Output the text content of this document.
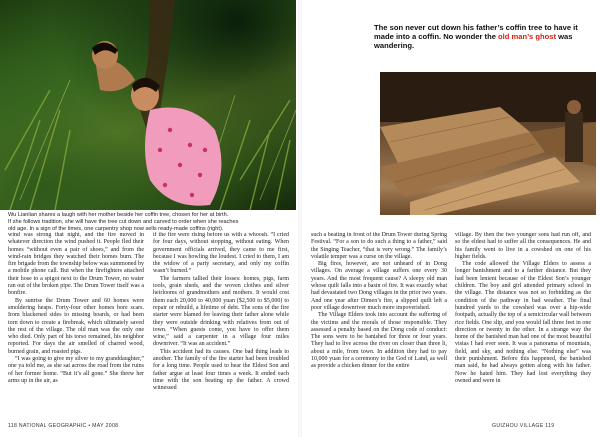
Wu Lianlian shares a laugh with her mother beside her coffin tree, chosen for her at birth.

If she follows tradition, she will have the tree cut down and carved to order when she reaches

old age. In a sign of the times, one carpentry shop now sells ready-made coffins (right).

The son never cut down his father’s coffin tree to have it made into a coffin. No wonder the old man’s ghost was wandering.

wind was strong that night, and the fire moved in whatever direction the wind pushed it. People fled their homes “without even a pair of shoes,” and from the wind-rain bridges they watched their homes burn. The fire brigade from the township below was summoned by a mobile phone call. But when the firefighters attached their hose to a spigot next to the Drum Tower, no water ran out of the broken pipe. The Drum Tower itself was a bonfire.

By sunrise the Drum Tower and 60 homes were smoldering heaps. Forty-four other homes bore scars. Irom blackened sides to missing boards, or had been torn down to create a firebreak, which ultimately saved the rest of the village. The old man was the only one who died. Only part of his torso remained, his neighbor reported. For days the air smelled of charred wood, burned grain, and roasted pigs.

“I was going to give my silver to my granddaughter,” one ya told me, as she sat across the road from the ruins of her former home. “But it’s all gone.” She threw her arms up in the air, as

if the fire were rising before us with a whoosh. “I cried for four days, without stopping, without eating. When government officials arrived, they came to me first, because I was howling the loudest. I cried to them, I am the widow of a party secretary, and only my coffin wasn’t burned.”

The farmers tallied their losses: homes, pigs, farm tools, grain sheds, and the woven clothes and silver heirlooms of grandmothers and mothers. It would cost them each 20,000 to 40,000 yuan ($2,500 to $5,000) to repair or rebuild, a lifetime of debt. The sons of the fire starter were blamed for leaving their father alone while they were outside drinking with relatives from out of town. “When guests come, you have to offer them wine,” said a carpenter in a village four miles downriver. “It was an accident.”

This accident had its causes. One bad thing leads to another. The family of the fire starter had been troubled for a long time. People used to hear the Eldest Son and father argue at least four times a week. It ended each time with the son beating up the father. A crowd witnessed

such a beating in front of the Drum Tower during Spring Festival. “For a son to do such a thing to a father,” said the Singing Teacher, “that is very wrong.” The family’s volatile temper was a curse on the village.

Big fires, however, are not unheard of in Dong villages. On average a village suffers one every 30 years. And the most frequent cause? A sleepy old man whose quilt falls into a basin of fire. It was exactly what had devastated two Dong villages in the prior two years. And one year after Dimen’s fire, a slipped quilt left a poor village downriver much more impoverished.

The Village Elders took into account the suffering of the victims and the morals of those responsible. They assessed a penalty based on the Dong code of conduct: The sons were to be banished for three or four years. They had to live across the river on closer than three li, about a mile, from town. In addition they had to pay 10,000 yuan for a ceremony to the God of Land, as well as provide a chicken dinner for the entire

village. By then the two younger sons had run off, and so the eldest had to suffer all the consequences. He and his family went to live in a cowshed on one of his higher fields.

The code allowed the Village Elders to assess a longer banishment and to a farther distance. But they had been lenient because of the Eldest Son’s younger children. The boy and girl attended primary school in the village. The distance was not so forbidding as the condition of the pathway in bad weather. The final hundred yards to the cowshed was over a hip-wide footpath, actually the top of a semicircular wall between rice fields. One slip, and you would fall three feet in one direction or twenty in the other. In a strange way the home of the banished man had one of the most beautiful vistas I had ever seen. It was a panorama of mountain, field, and sky, and nothing else. “Nothing else” was their punishment. Before this happened, the banished man said, he had always gotten along with his father. Now he hated him. They had lost everything they owned and were in

118 NATIONAL GEOGRAPHIC • MAY 2008	GUIZHOU VILLAGE 119
